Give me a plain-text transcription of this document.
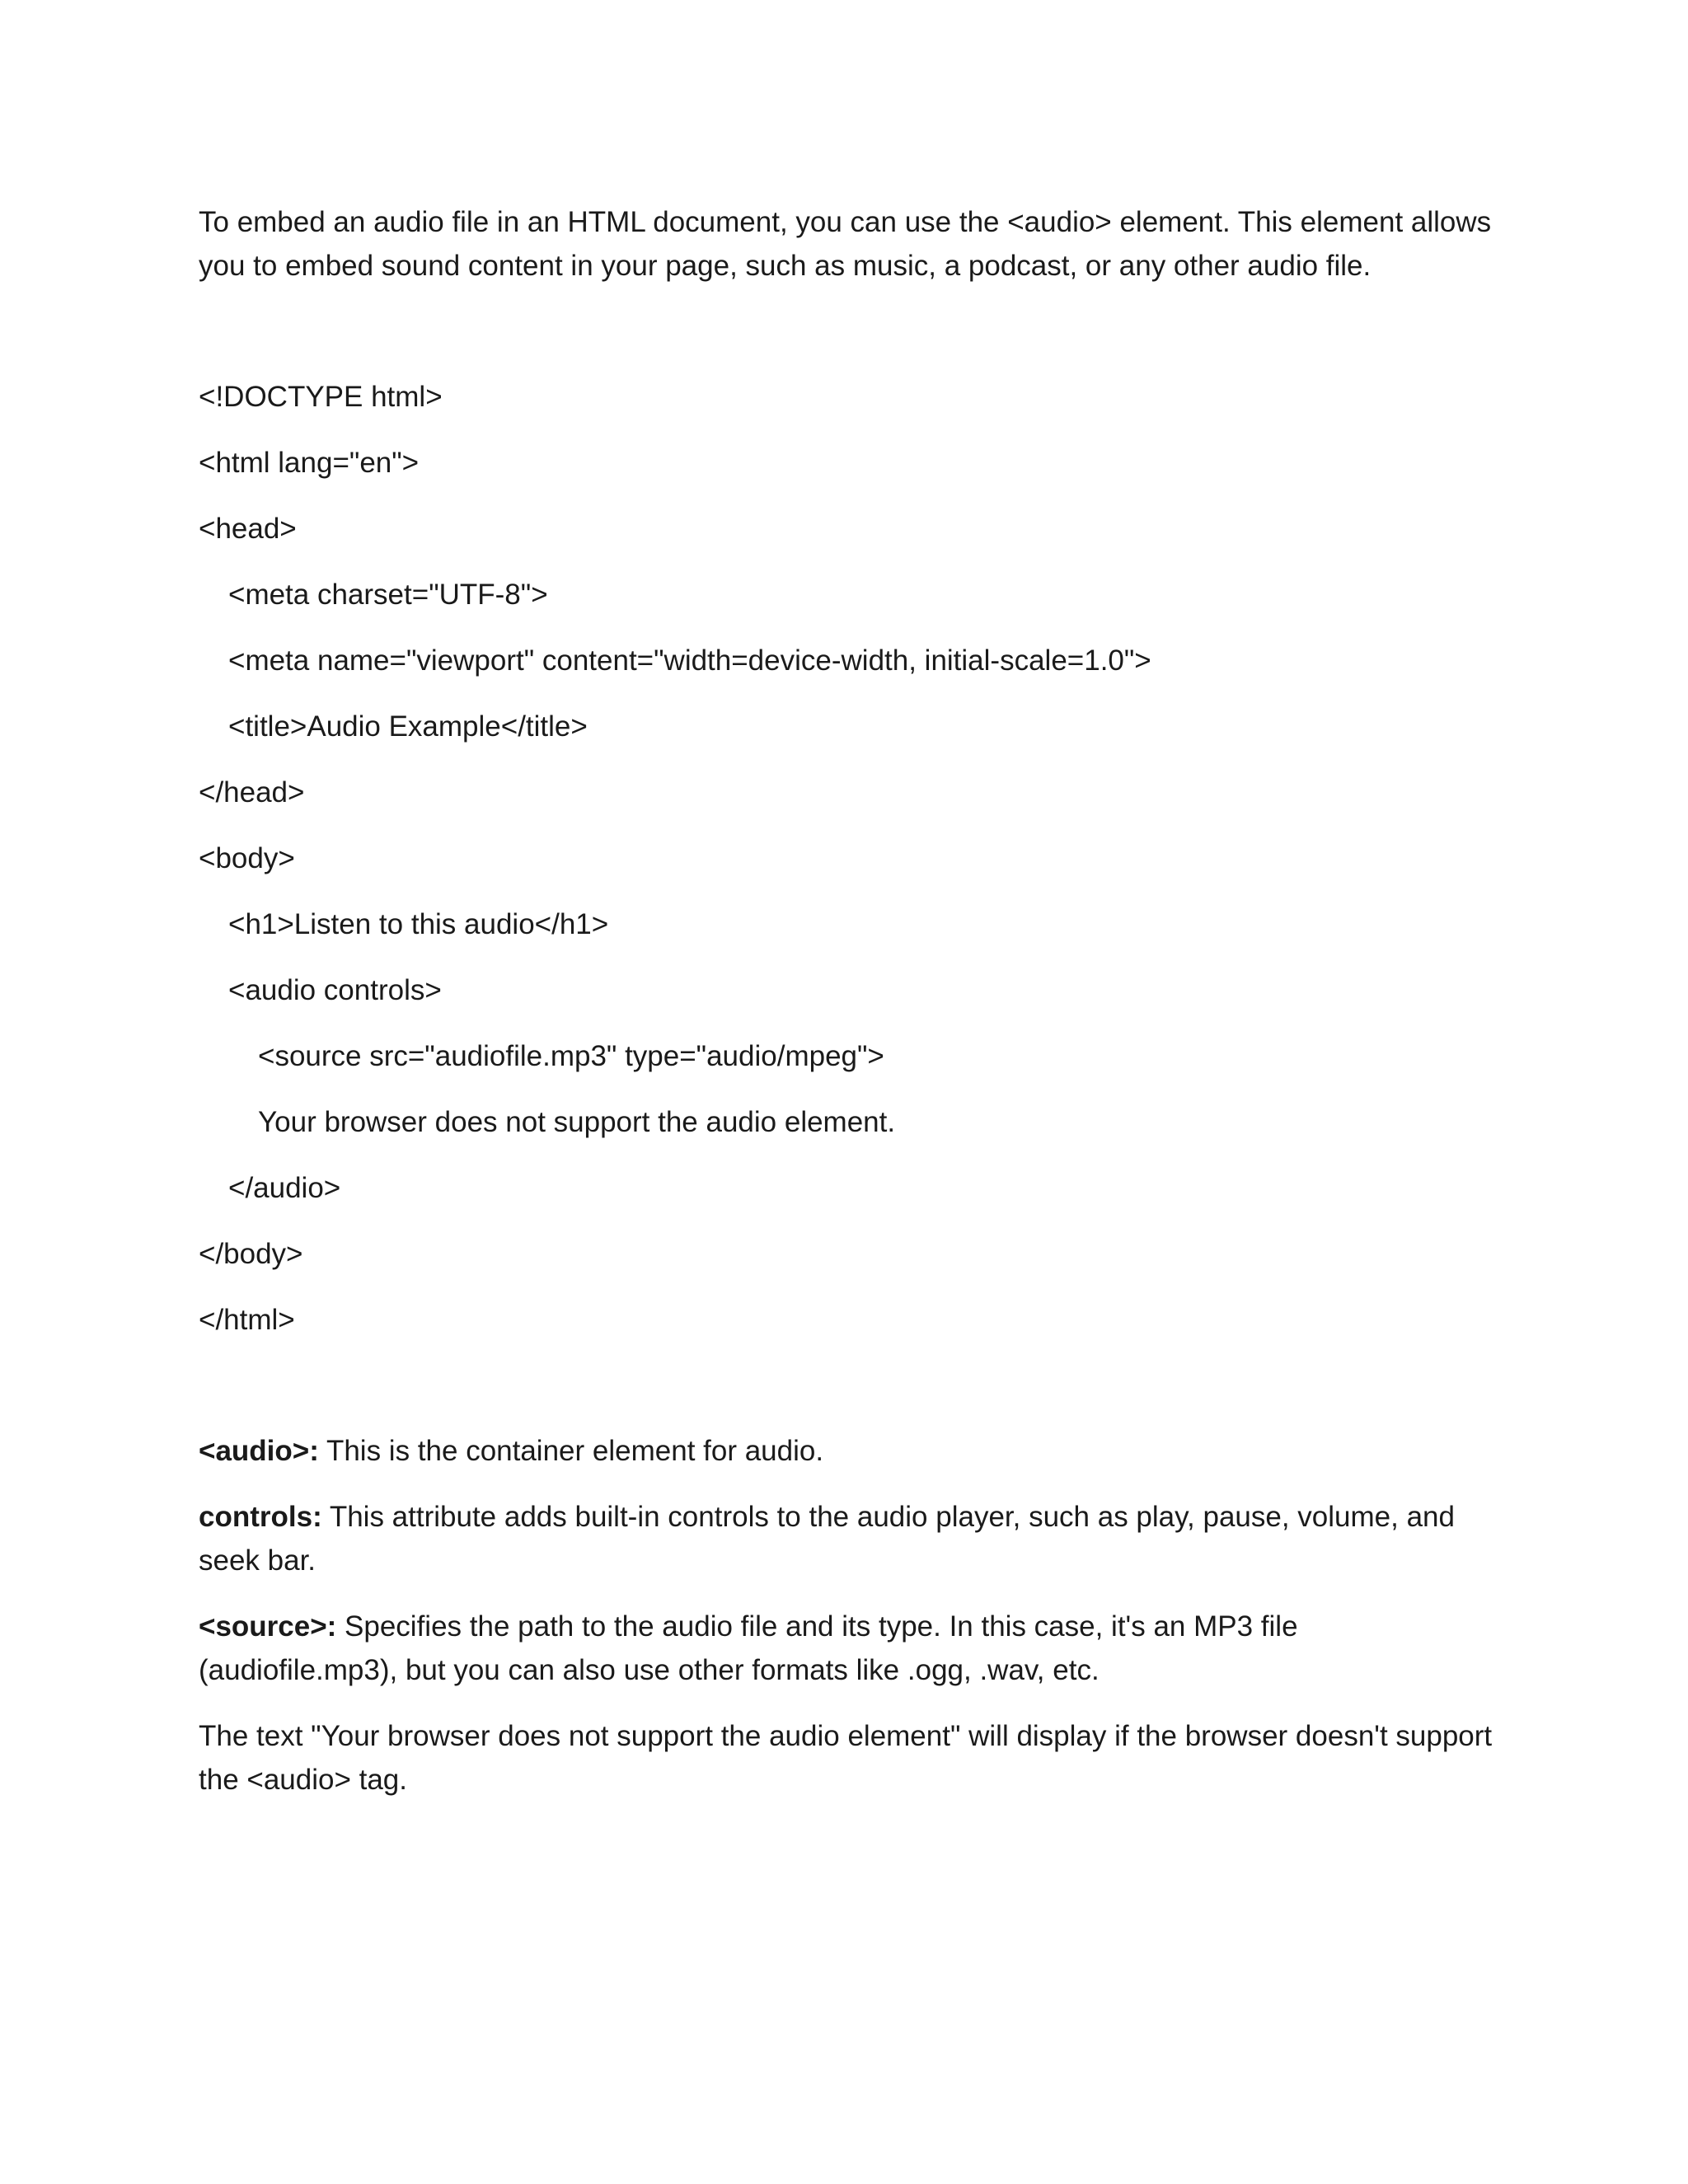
To embed an audio file in an HTML document, you can use the <audio> element. This element allows you to embed sound content in your page, such as music, a podcast, or any other audio file.

<!DOCTYPE html>
<html lang="en">
<head>
<meta charset="UTF-8">
<meta name="viewport" content="width=device-width, initial-scale=1.0">
<title>Audio Example</title>
</head>
<body>
<h1>Listen to this audio</h1>
<audio controls>
<source src="audiofile.mp3" type="audio/mpeg">
Your browser does not support the audio element.
</audio>
</body>
</html>

<audio>: This is the container element for audio.

controls: This attribute adds built-in controls to the audio player, such as play, pause, volume, and seek bar.

<source>: Specifies the path to the audio file and its type. In this case, it's an MP3 file (audiofile.mp3), but you can also use other formats like .ogg, .wav, etc.

The text "Your browser does not support the audio element" will display if the browser doesn't support the <audio> tag.
